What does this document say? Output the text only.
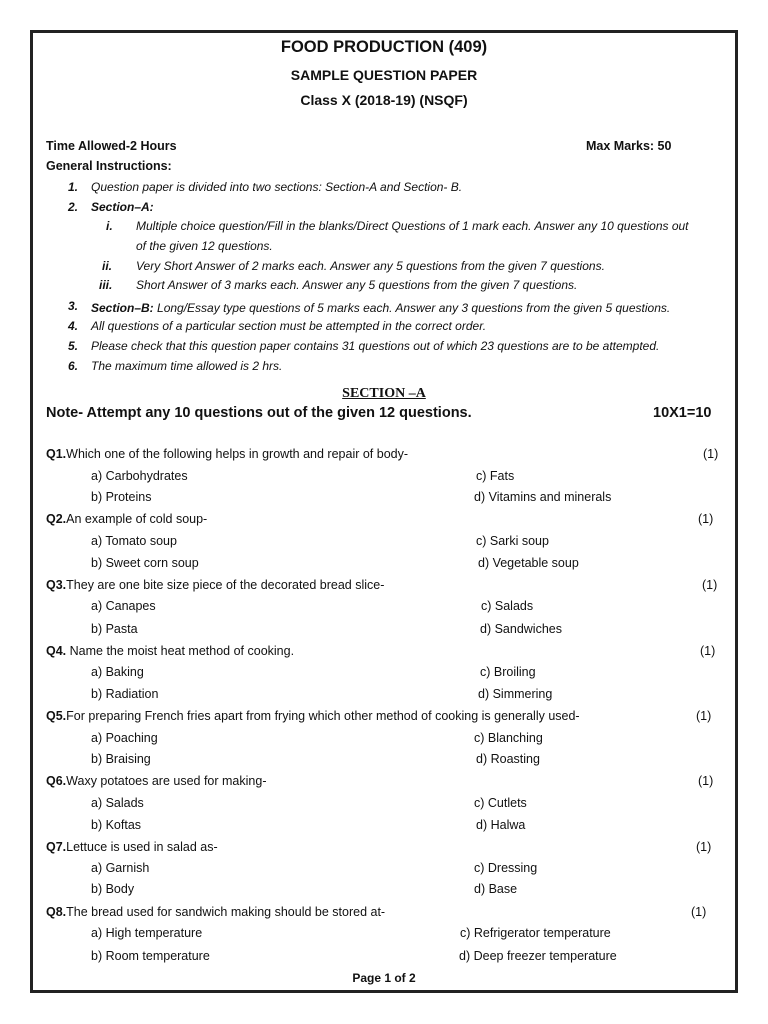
FOOD PRODUCTION (409)
SAMPLE QUESTION PAPER
Class X (2018-19) (NSQF)
Time Allowed-2 Hours	Max Marks: 50
General Instructions:
1. Question paper is divided into two sections: Section-A and Section- B.
2. Section–A:
i. Multiple choice question/Fill in the blanks/Direct Questions of 1 mark each. Answer any 10 questions out
of the given 12 questions.
ii. Very Short Answer of 2 marks each. Answer any 5 questions from the given 7 questions.
iii. Short Answer of 3 marks each. Answer any 5 questions from the given 7 questions.
3. Section–B: Long/Essay type questions of 5 marks each. Answer any 3 questions from the given 5 questions.
4. All questions of a particular section must be attempted in the correct order.
5. Please check that this question paper contains 31 questions out of which 23 questions are to be attempted.
6. The maximum time allowed is 2 hrs.
SECTION –A
Note- Attempt any 10 questions out of the given 12 questions.	10X1=10
Q1.Which one of the following helps in growth and repair of body-	(1)
a) Carbohydrates	c) Fats
b) Proteins	d) Vitamins and minerals
Q2.An example of cold soup-	(1)
a) Tomato soup	c) Sarki soup
b) Sweet corn soup	d) Vegetable soup
Q3.They are one bite size piece of the decorated bread slice-	(1)
a) Canapes	c) Salads
b) Pasta	d) Sandwiches
Q4. Name the moist heat method of cooking.	(1)
a) Baking	c) Broiling
b) Radiation	d) Simmering
Q5.For preparing French fries apart from frying which other method of cooking is generally used-	(1)
a) Poaching	c) Blanching
b) Braising	d) Roasting
Q6.Waxy potatoes are used for making-	(1)
a) Salads	c) Cutlets
b) Koftas	d) Halwa
Q7.Lettuce is used in salad as-	(1)
a) Garnish	c) Dressing
b) Body	d) Base
Q8.The bread used for sandwich making should be stored at-	(1)
a) High temperature	c) Refrigerator temperature
b) Room temperature	d) Deep freezer temperature
Page 1 of 2
